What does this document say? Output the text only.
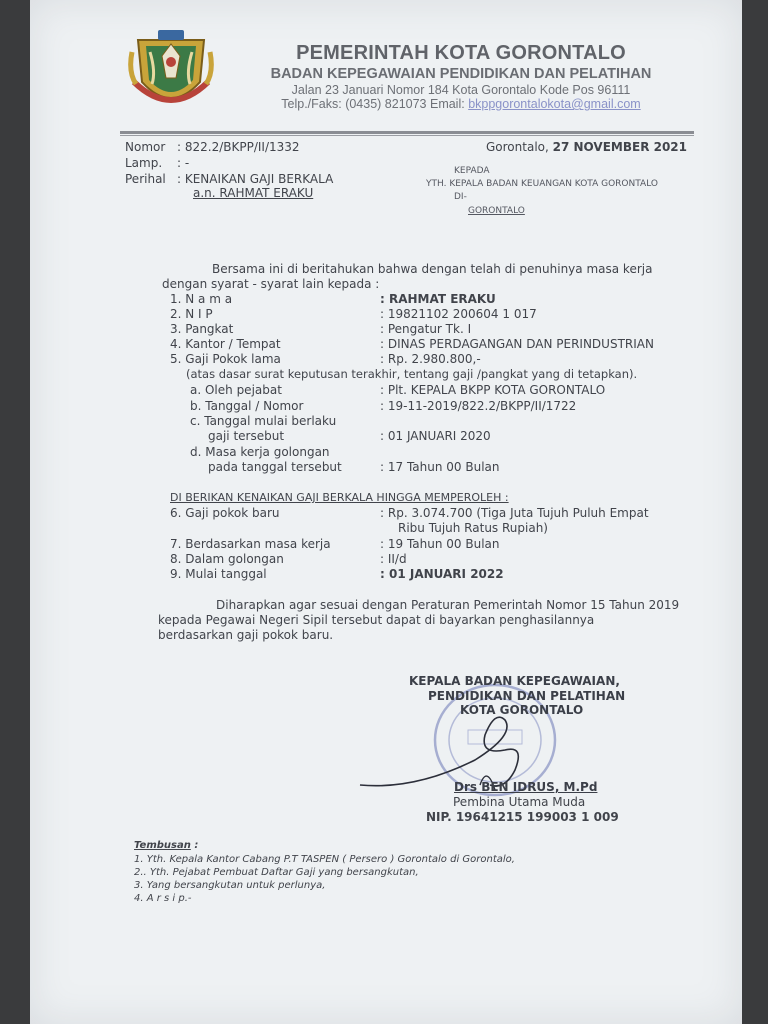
PEMERINTAH KOTA GORONTALO
BADAN KEPEGAWAIAN PENDIDIKAN DAN PELATIHAN
Jalan 23 Januari Nomor 184 Kota Gorontalo Kode Pos 96111
Telp./Faks: (0435) 821073 Email: bkppgorontalokota@gmail.com
Nomor : 822.2/BKPP/II/1332
Lamp. : -
Perihal : KENAIKAN GAJI BERKALA
a.n. RAHMAT ERAKU
Gorontalo, 27 NOVEMBER 2021
KEPADA
YTH. KEPALA BADAN KEUANGAN KOTA GORONTALO
DI-
GORONTALO
Bersama ini di beritahukan bahwa dengan telah di penuhinya masa kerja
dengan syarat - syarat lain kepada :
1. N a m a	: RAHMAT ERAKU
2. N I P	: 19821102 200604 1 017
3. Pangkat	: Pengatur Tk. I
4. Kantor / Tempat	: DINAS PERDAGANGAN DAN PERINDUSTRIAN
5. Gaji Pokok lama	: Rp. 2.980.800,-
(atas dasar surat keputusan terakhir, tentang gaji /pangkat yang di tetapkan).
a. Oleh pejabat	: Plt. KEPALA BKPP KOTA GORONTALO
b. Tanggal / Nomor	: 19-11-2019/822.2/BKPP/II/1722
c. Tanggal mulai berlaku
gaji tersebut	: 01 JANUARI 2020
d. Masa kerja golongan
pada tanggal tersebut	: 17 Tahun 00 Bulan
DI BERIKAN KENAIKAN GAJI BERKALA HINGGA MEMPEROLEH :
6. Gaji pokok baru	: Rp. 3.074.700 (Tiga Juta Tujuh Puluh Empat
Ribu Tujuh Ratus Rupiah)
7. Berdasarkan masa kerja	: 19 Tahun 00 Bulan
8. Dalam golongan	: II/d
9. Mulai tanggal	: 01 JANUARI 2022
Diharapkan agar sesuai dengan Peraturan Pemerintah Nomor 15 Tahun 2019
kepada Pegawai Negeri Sipil tersebut dapat di bayarkan penghasilannya
berdasarkan gaji pokok baru.
KEPALA BADAN KEPEGAWAIAN,
PENDIDIKAN DAN PELATIHAN
KOTA GORONTALO
Drs BEN IDRUS, M.Pd
Pembina Utama Muda
NIP. 19641215 199003 1 009
Tembusan :
1. Yth. Kepala Kantor Cabang P.T TASPEN ( Persero ) Gorontalo di Gorontalo,
2.. Yth. Pejabat Pembuat Daftar Gaji yang bersangkutan,
3. Yang bersangkutan untuk perlunya,
4. A r s i p.-
